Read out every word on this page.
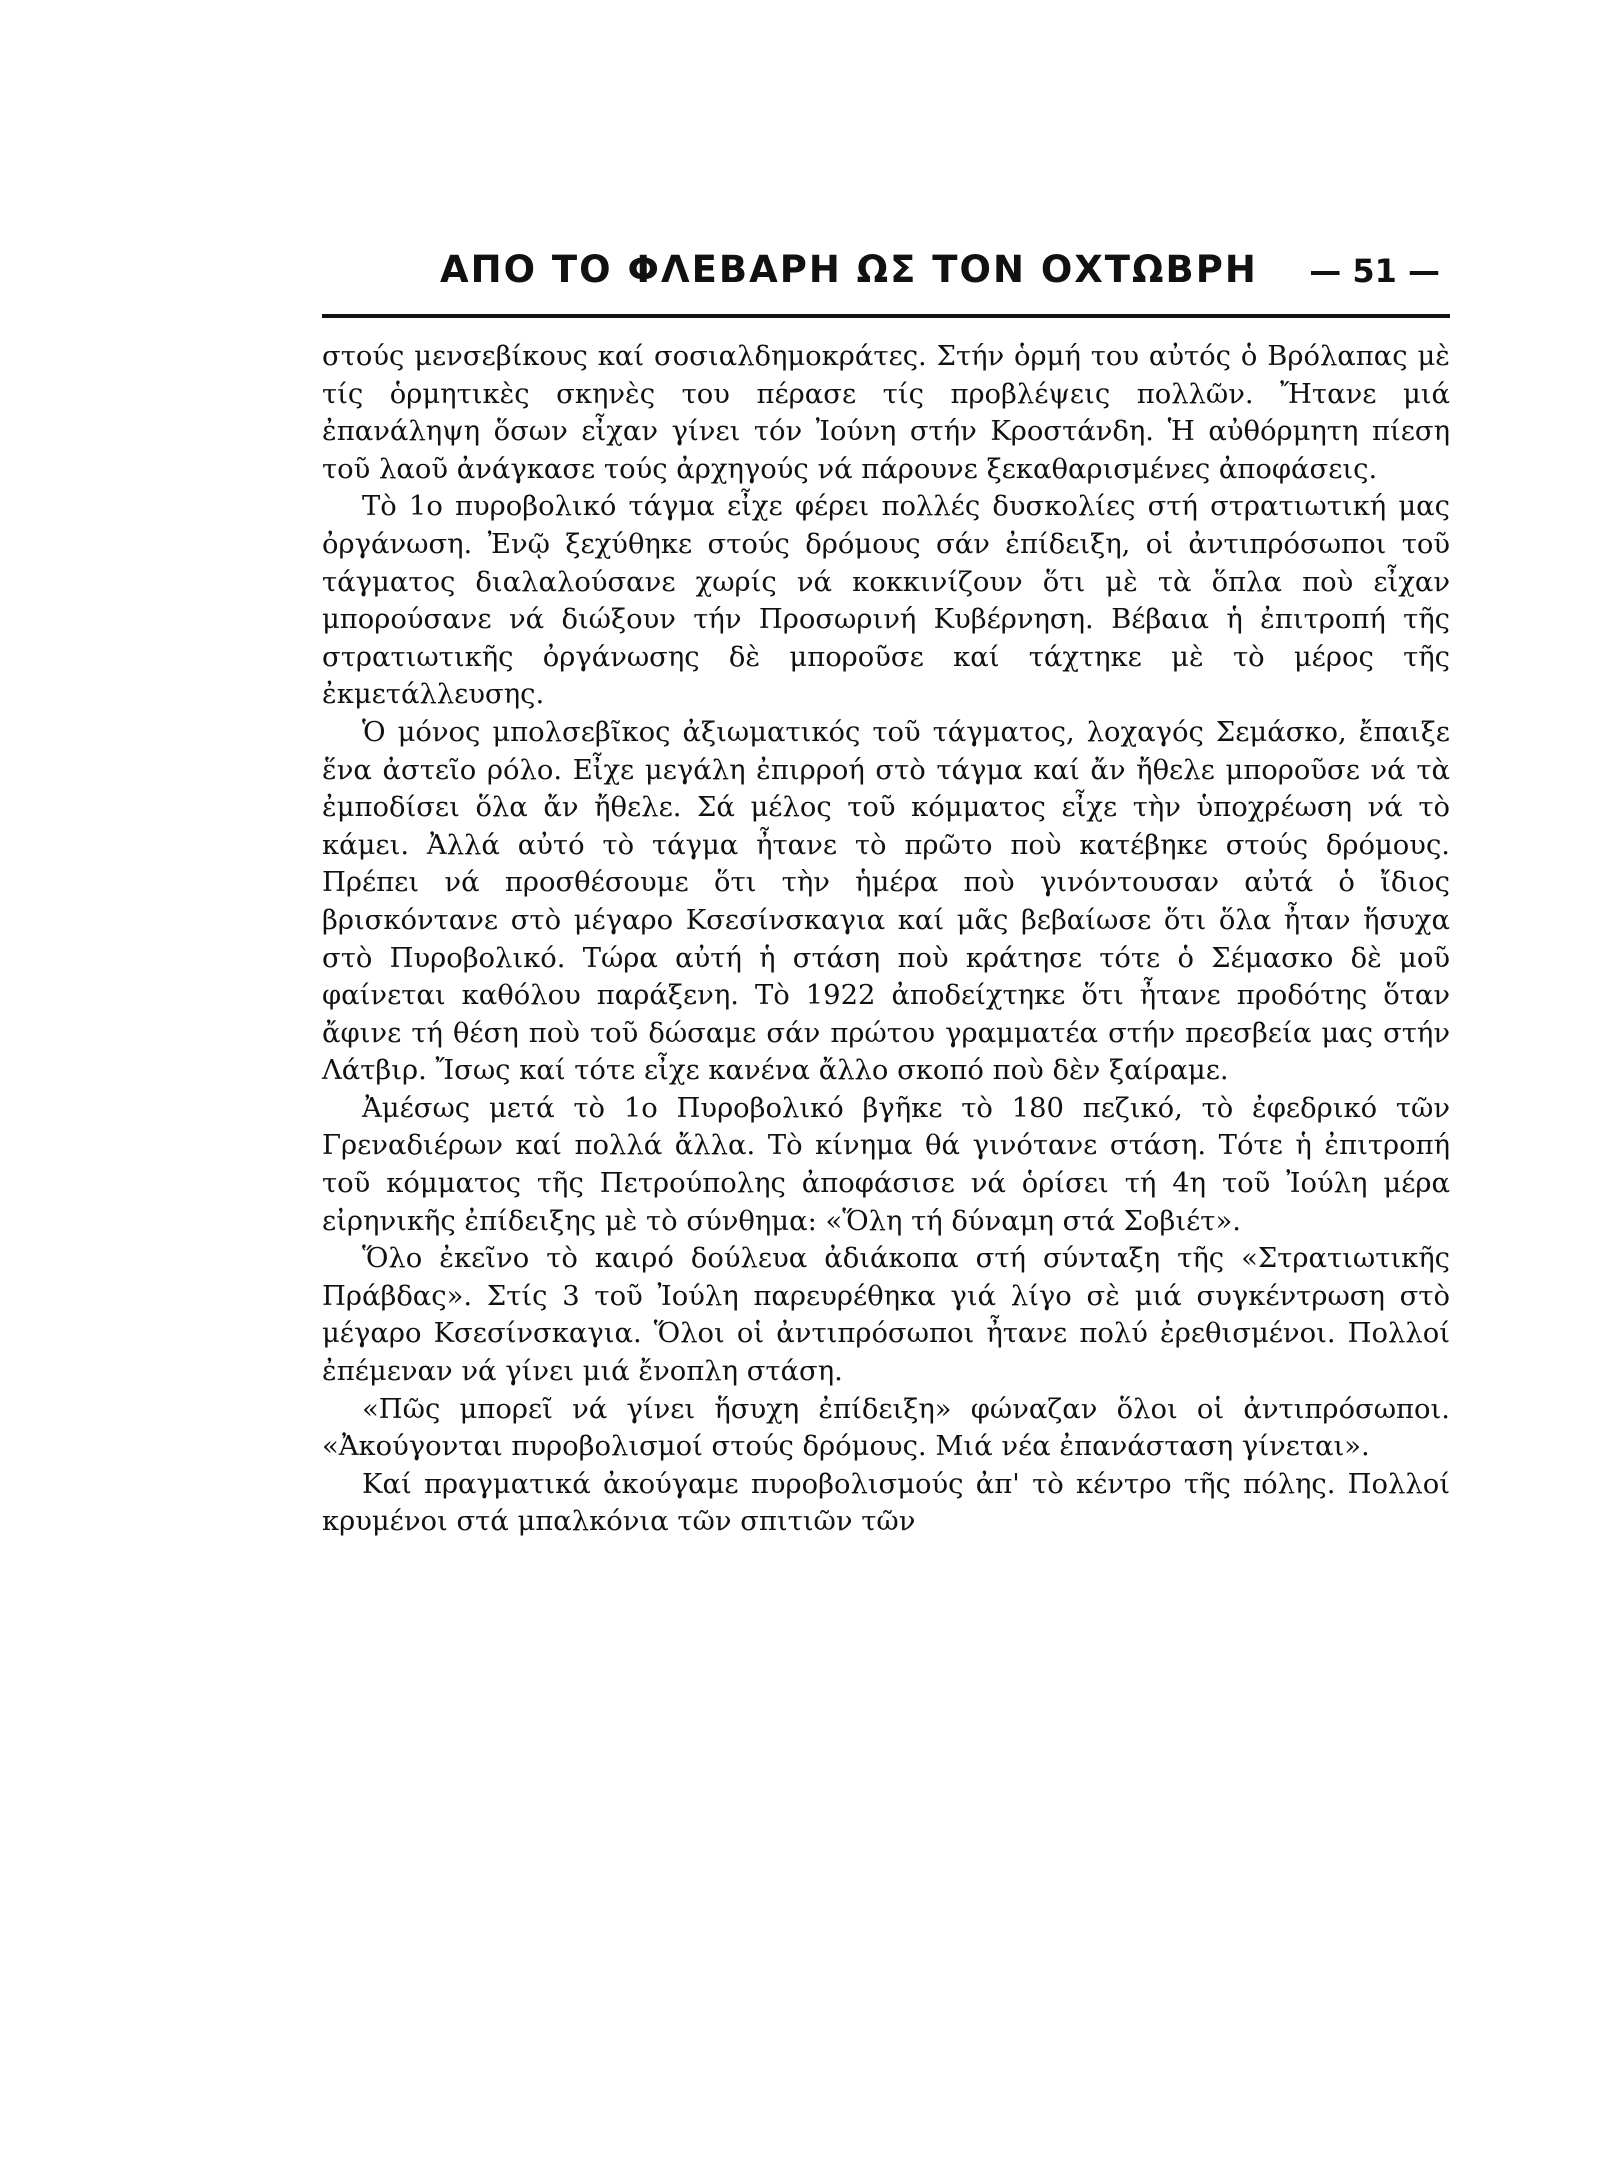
ΑΠΟ ΤΟ ΦΛΕΒΑΡΗ ΩΣ ΤΟΝ ΟΧΤΩΒΡΗ — 51 —

στούς μενσεβίκους καί σοσιαλδημοκράτες. Στήν ὁρμή του αὐτός ὁ Βρόλαπας μὲ τίς ὁρμητικὲς σκηνὲς του πέρασε τίς προβλέψεις πολλῶν. Ἤτανε μιά ἐπανάληψη ὅσων εἶχαν γίνει τόν Ἰούνη στήν Κροστάνδη. Ἡ αὐθόρμητη πίεση τοῦ λαοῦ ἀνάγκασε τούς ἀρχηγούς νά πάρουνε ξεκαθαρισμένες ἀποφάσεις.

Τὸ 1ο πυροβολικό τάγμα εἶχε φέρει πολλές δυσκολίες στή στρατιωτική μας ὀργάνωση. Ἐνῷ ξεχύθηκε στούς δρόμους σάν ἐπίδειξη, οἱ ἀντιπρόσωποι τοῦ τάγματος διαλαλούσανε χωρίς νά κοκκινίζουν ὅτι μὲ τὰ ὅπλα ποὺ εἶχαν μπορούσανε νά διώξουν τήν Προσωρινή Κυβέρνηση. Βέβαια ἡ ἐπιτροπή τῆς στρατιωτικῆς ὀργάνωσης δὲ μποροῦσε καί τάχτηκε μὲ τὸ μέρος τῆς ἐκμετάλλευσης.

Ὁ μόνος μπολσεβῖκος ἀξιωματικός τοῦ τάγματος, λοχαγός Σεμάσκο, ἔπαιξε ἕνα ἀστεῖο ρόλο. Εἶχε μεγάλη ἐπιρροή στὸ τάγμα καί ἄν ἤθελε μποροῦσε νά τὰ ἐμποδίσει ὅλα ἄν ἤθελε. Σά μέλος τοῦ κόμματος εἶχε τὴν ὑποχρέωση νά τὸ κάμει. Ἀλλά αὐτό τὸ τάγμα ἦτανε τὸ πρῶτο ποὺ κατέβηκε στούς δρόμους. Πρέπει νά προσθέσουμε ὅτι τὴν ἡμέρα ποὺ γινόντουσαν αὐτά ὁ ἴδιος βρισκόντανε στὸ μέγαρο Κσεσίνσκαγια καί μᾶς βεβαίωσε ὅτι ὅλα ἦταν ἥσυχα στὸ Πυροβολικό. Τώρα αὐτή ἡ στάση ποὺ κράτησε τότε ὁ Σέμασκο δὲ μοῦ φαίνεται καθόλου παράξενη. Τὸ 1922 ἀποδείχτηκε ὅτι ἦτανε προδότης ὅταν ἄφινε τή θέση ποὺ τοῦ δώσαμε σάν πρώτου γραμματέα στήν πρεσβεία μας στήν Λάτβιρ. Ἴσως καί τότε εἶχε κανένα ἄλλο σκοπό ποὺ δὲν ξαίραμε.

Ἀμέσως μετά τὸ 1ο Πυροβολικό βγῆκε τὸ 180 πεζικό, τὸ ἐφεδρικό τῶν Γρεναδιέρων καί πολλά ἄλλα. Τὸ κίνημα θά γινότανε στάση. Τότε ἡ ἐπιτροπή τοῦ κόμματος τῆς Πετρούπολης ἀποφάσισε νά ὁρίσει τή 4η τοῦ Ἰούλη μέρα εἰρηνικῆς ἐπίδειξης μὲ τὸ σύνθημα: «Ὅλη τή δύναμη στά Σοβιέτ».

Ὅλο ἐκεῖνο τὸ καιρό δούλευα ἀδιάκοπα στή σύνταξη τῆς «Στρατιωτικῆς Πράβδας». Στίς 3 τοῦ Ἰούλη παρευρέθηκα γιά λίγο σὲ μιά συγκέντρωση στὸ μέγαρο Κσεσίνσκαγια. Ὅλοι οἱ ἀντιπρόσωποι ἦτανε πολύ ἐρεθισμένοι. Πολλοί ἐπέμεναν νά γίνει μιά ἔνοπλη στάση.

«Πῶς μπορεῖ νά γίνει ἥσυχη ἐπίδειξη» φώναζαν ὅλοι οἱ ἀντιπρόσωποι. «Ἀκούγονται πυροβολισμοί στούς δρόμους. Μιά νέα ἐπανάσταση γίνεται».

Καί πραγματικά ἀκούγαμε πυροβολισμούς ἀπ' τὸ κέντρο τῆς πόλης. Πολλοί κρυμένοι στά μπαλκόνια τῶν σπιτιῶν τῶν
